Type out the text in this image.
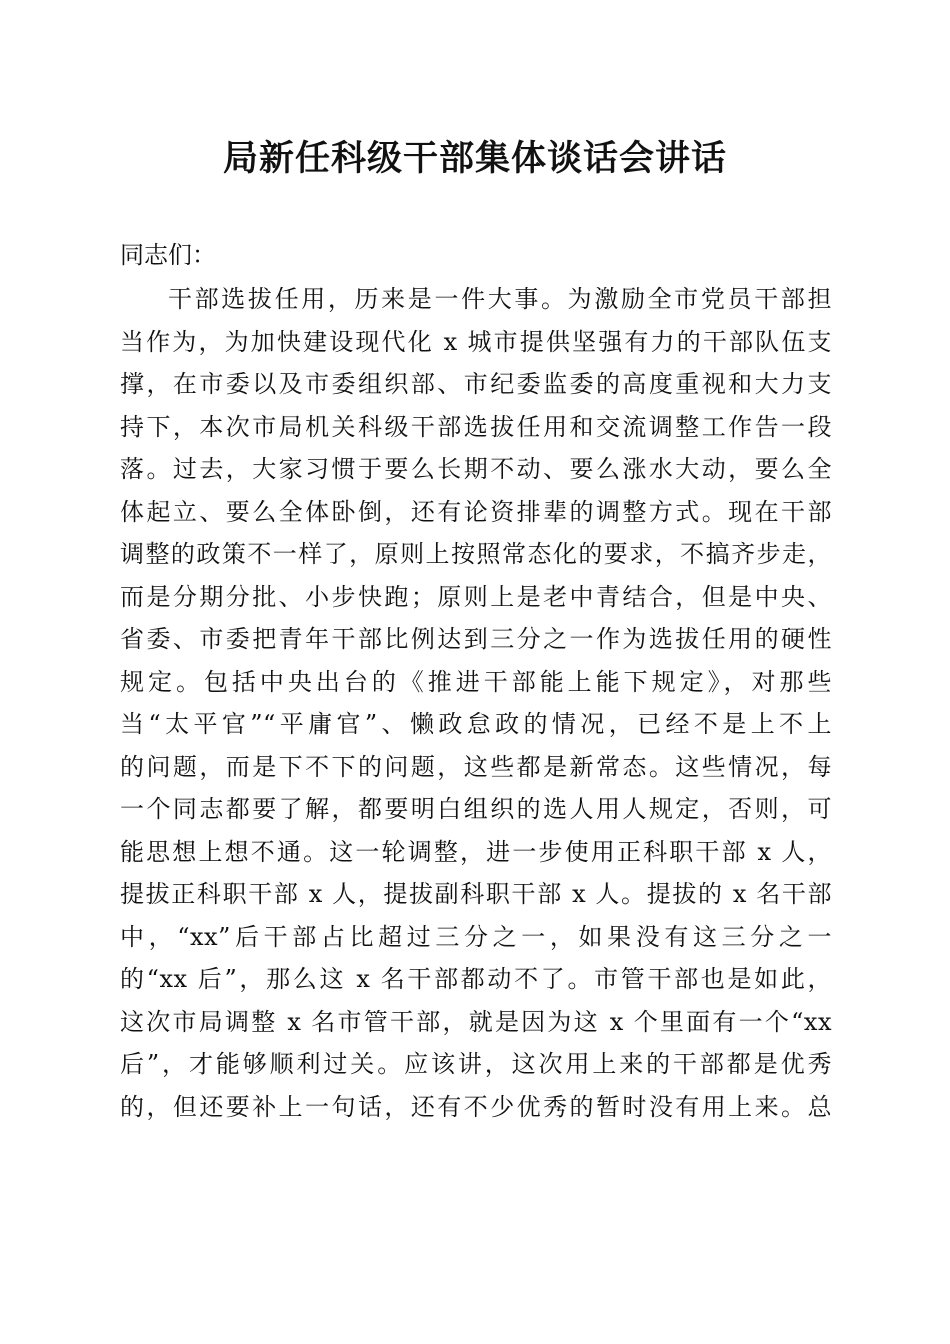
局新任科级干部集体谈话会讲话

同志们：

干部选拔任用，历来是一件大事。为激励全市党员干部担
当作为，为加快建设现代化 x 城市提供坚强有力的干部队伍支
撑，在市委以及市委组织部、市纪委监委的高度重视和大力支
持下，本次市局机关科级干部选拔任用和交流调整工作告一段
落。过去，大家习惯于要么长期不动、要么涨水大动，要么全
体起立、要么全体卧倒，还有论资排辈的调整方式。现在干部
调整的政策不一样了，原则上按照常态化的要求，不搞齐步走，
而是分期分批、小步快跑；原则上是老中青结合，但是中央、
省委、市委把青年干部比例达到三分之一作为选拔任用的硬性
规定。包括中央出台的《推进干部能上能下规定》，对那些
当“太平官”“平庸官”、懒政怠政的情况，已经不是上不上
的问题，而是下不下的问题，这些都是新常态。这些情况，每
一个同志都要了解，都要明白组织的选人用人规定，否则，可
能思想上想不通。这一轮调整，进一步使用正科职干部 x 人，
提拔正科职干部 x 人，提拔副科职干部 x 人。提拔的 x 名干部
中，“xx”后干部占比超过三分之一，如果没有这三分之一
的“xx 后”，那么这 x 名干部都动不了。市管干部也是如此，
这次市局调整 x 名市管干部，就是因为这 x 个里面有一个“xx
后”，才能够顺利过关。应该讲，这次用上来的干部都是优秀
的，但还要补上一句话，还有不少优秀的暂时没有用上来。总
